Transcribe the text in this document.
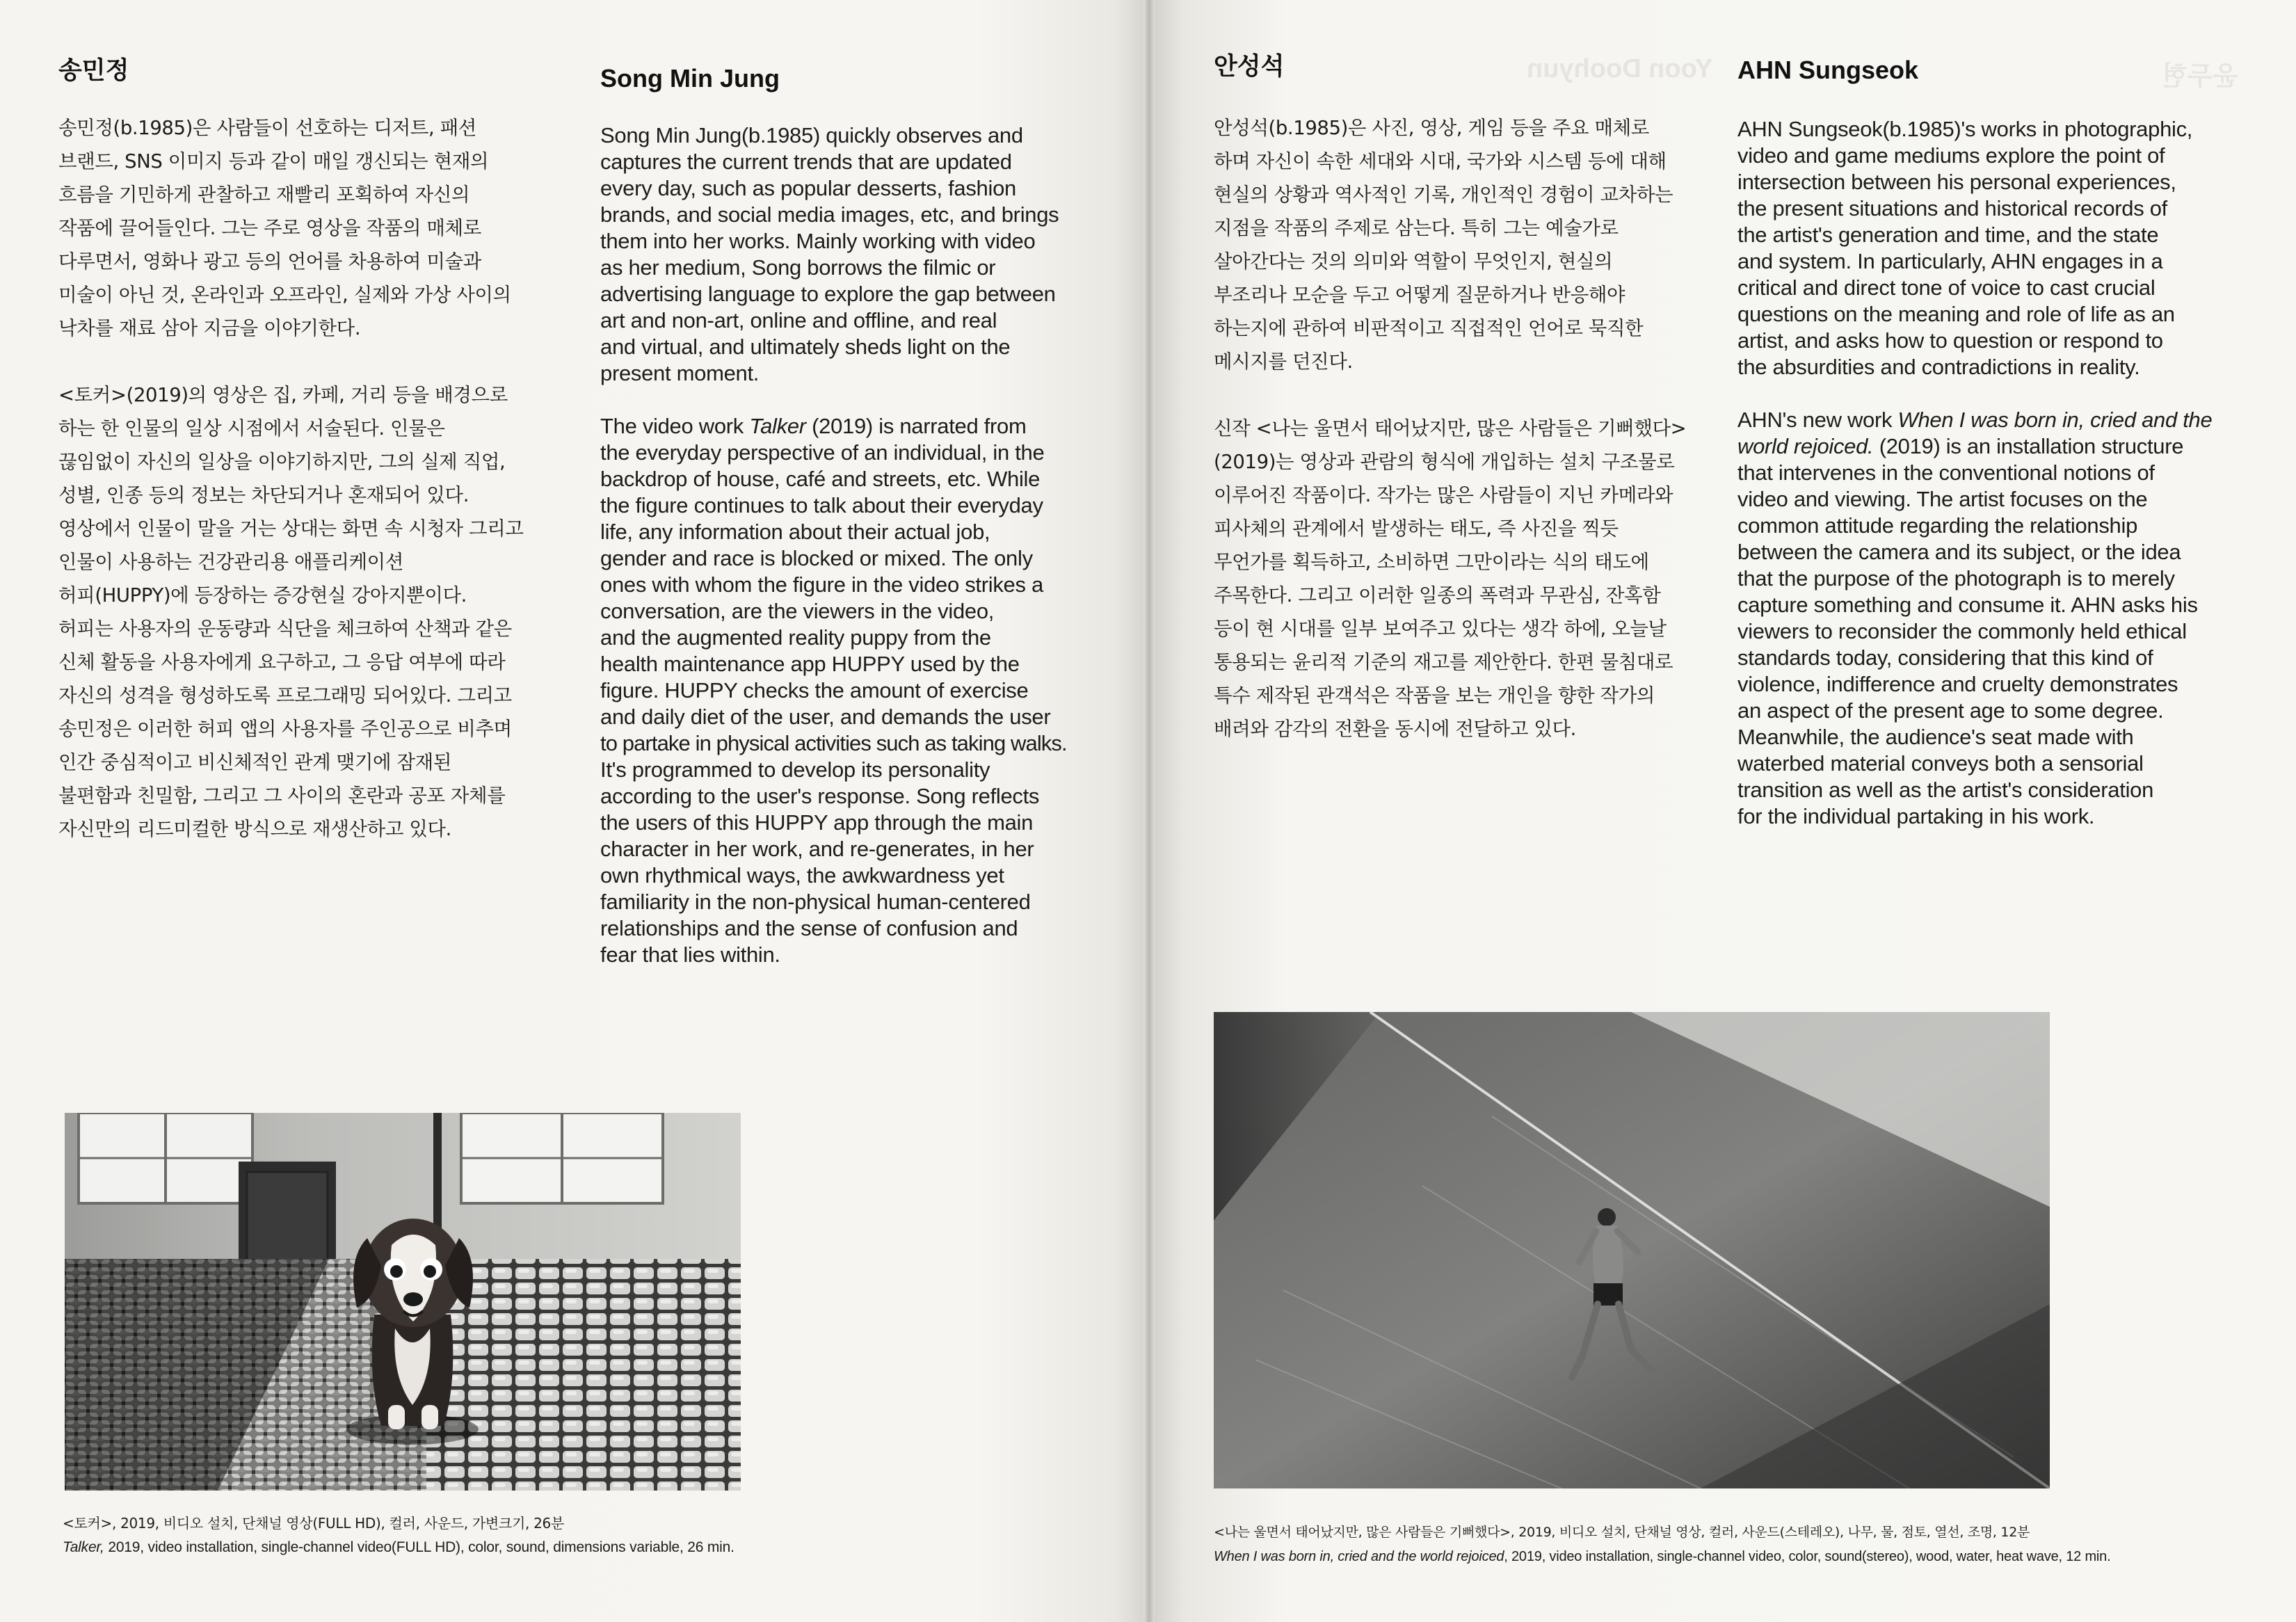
Yoon Doohyun	윤두현
송민정

송민정(b.1985)은 사람들이 선호하는 디저트, 패션

브랜드, SNS 이미지 등과 같이 매일 갱신되는 현재의

흐름을 기민하게 관찰하고 재빨리 포획하여 자신의

작품에 끌어들인다. 그는 주로 영상을 작품의 매체로

다루면서, 영화나 광고 등의 언어를 차용하여 미술과

미술이 아닌 것, 온라인과 오프라인, 실제와 가상 사이의

낙차를 재료 삼아 지금을 이야기한다.

<토커>(2019)의 영상은 집, 카페, 거리 등을 배경으로

하는 한 인물의 일상 시점에서 서술된다. 인물은

끊임없이 자신의 일상을 이야기하지만, 그의 실제 직업,

성별, 인종 등의 정보는 차단되거나 혼재되어 있다.

영상에서 인물이 말을 거는 상대는 화면 속 시청자 그리고

인물이 사용하는 건강관리용 애플리케이션

허피(HUPPY)에 등장하는 증강현실 강아지뿐이다.

허피는 사용자의 운동량과 식단을 체크하여 산책과 같은

신체 활동을 사용자에게 요구하고, 그 응답 여부에 따라

자신의 성격을 형성하도록 프로그래밍 되어있다. 그리고

송민정은 이러한 허피 앱의 사용자를 주인공으로 비추며

인간 중심적이고 비신체적인 관계 맺기에 잠재된

불편함과 친밀함, 그리고 그 사이의 혼란과 공포 자체를

자신만의 리드미컬한 방식으로 재생산하고 있다.

Song Min Jung

Song Min Jung(b.1985) quickly observes and

captures the current trends that are updated

every day, such as popular desserts, fashion

brands, and social media images, etc, and brings

them into her works. Mainly working with video

as her medium, Song borrows the filmic or

advertising language to explore the gap between

art and non-art, online and offline, and real

and virtual, and ultimately sheds light on the

present moment.

The video work Talker (2019) is narrated from

the everyday perspective of an individual, in the

backdrop of house, café and streets, etc. While

the figure continues to talk about their everyday

life, any information about their actual job,

gender and race is blocked or mixed. The only

ones with whom the figure in the video strikes a

conversation, are the viewers in the video,

and the augmented reality puppy from the

health maintenance app HUPPY used by the

figure. HUPPY checks the amount of exercise

and daily diet of the user, and demands the user

to partake in physical activities such as taking walks.

It's programmed to develop its personality

according to the user's response. Song reflects

the users of this HUPPY app through the main

character in her work, and re-generates, in her

own rhythmical ways, the awkwardness yet

familiarity in the non-physical human-centered

relationships and the sense of confusion and

fear that lies within.

<토커>, 2019, 비디오 설치, 단채널 영상(FULL HD), 컬러, 사운드, 가변크기, 26분

Talker, 2019, video installation, single-channel video(FULL HD), color, sound, dimensions variable, 26 min.

안성석

안성석(b.1985)은 사진, 영상, 게임 등을 주요 매체로

하며 자신이 속한 세대와 시대, 국가와 시스템 등에 대해

현실의 상황과 역사적인 기록, 개인적인 경험이 교차하는

지점을 작품의 주제로 삼는다. 특히 그는 예술가로

살아간다는 것의 의미와 역할이 무엇인지, 현실의

부조리나 모순을 두고 어떻게 질문하거나 반응해야

하는지에 관하여 비판적이고 직접적인 언어로 묵직한

메시지를 던진다.

신작 <나는 울면서 태어났지만, 많은 사람들은 기뻐했다>

(2019)는 영상과 관람의 형식에 개입하는 설치 구조물로

이루어진 작품이다. 작가는 많은 사람들이 지닌 카메라와

피사체의 관계에서 발생하는 태도, 즉 사진을 찍듯

무언가를 획득하고, 소비하면 그만이라는 식의 태도에

주목한다. 그리고 이러한 일종의 폭력과 무관심, 잔혹함

등이 현 시대를 일부 보여주고 있다는 생각 하에, 오늘날

통용되는 윤리적 기준의 재고를 제안한다. 한편 물침대로

특수 제작된 관객석은 작품을 보는 개인을 향한 작가의

배려와 감각의 전환을 동시에 전달하고 있다.

AHN Sungseok

AHN Sungseok(b.1985)'s works in photographic,

video and game mediums explore the point of

intersection between his personal experiences,

the present situations and historical records of

the artist's generation and time, and the state

and system. In particularly, AHN engages in a

critical and direct tone of voice to cast crucial

questions on the meaning and role of life as an

artist, and asks how to question or respond to

the absurdities and contradictions in reality.

AHN's new work When I was born in, cried and the

world rejoiced. (2019) is an installation structure

that intervenes in the conventional notions of

video and viewing. The artist focuses on the

common attitude regarding the relationship

between the camera and its subject, or the idea

that the purpose of the photograph is to merely

capture something and consume it. AHN asks his

viewers to reconsider the commonly held ethical

standards today, considering that this kind of

violence, indifference and cruelty demonstrates

an aspect of the present age to some degree.

Meanwhile, the audience's seat made with

waterbed material conveys both a sensorial

transition as well as the artist's consideration

for the individual partaking in his work.

<나는 울면서 태어났지만, 많은 사람들은 기뻐했다>, 2019, 비디오 설치, 단채널 영상, 컬러, 사운드(스테레오), 나무, 물, 점토, 열선, 조명, 12분

When I was born in, cried and the world rejoiced, 2019, video installation, single-channel video, color, sound(stereo), wood, water, heat wave, 12 min.
